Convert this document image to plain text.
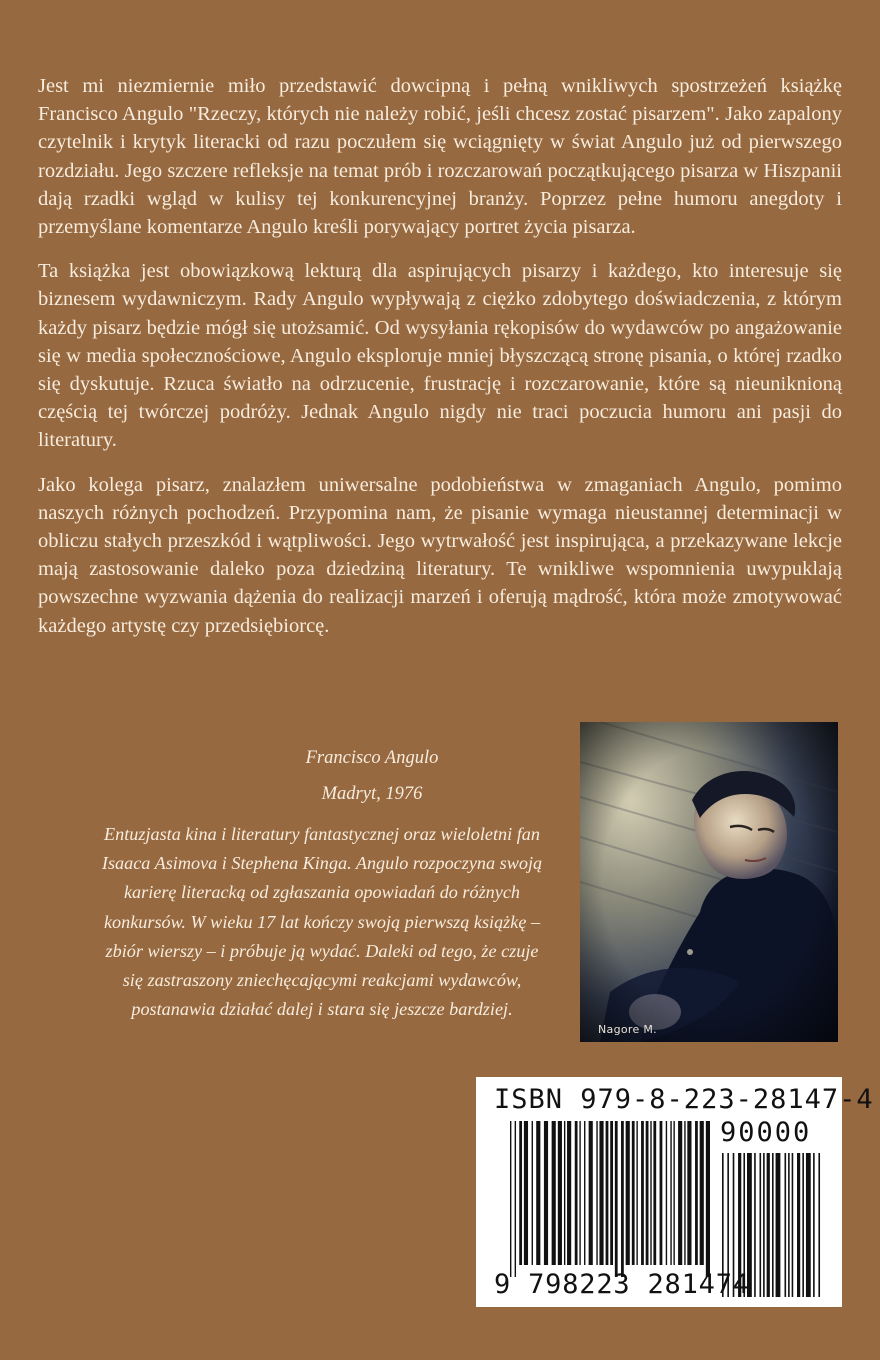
Jest mi niezmiernie miło przedstawić dowcipną i pełną wnikliwych spostrzeżeń książkę Francisco Angulo "Rzeczy, których nie należy robić, jeśli chcesz zostać pisarzem". Jako zapalony czytelnik i krytyk literacki od razu poczułem się wciągnięty w świat Angulo już od pierwszego rozdziału. Jego szczere refleksje na temat prób i rozczarowań początkującego pisarza w Hiszpanii dają rzadki wgląd w kulisy tej konkurencyjnej branży. Poprzez pełne humoru anegdoty i przemyślane komentarze Angulo kreśli porywający portret życia pisarza.

Ta książka jest obowiązkową lekturą dla aspirujących pisarzy i każdego, kto interesuje się biznesem wydawniczym. Rady Angulo wypływają z ciężko zdobytego doświadczenia, z którym każdy pisarz będzie mógł się utożsamić. Od wysyłania rękopisów do wydawców po angażowanie się w media społecznościowe, Angulo eksploruje mniej błyszczącą stronę pisania, o której rzadko się dyskutuje. Rzuca światło na odrzucenie, frustrację i rozczarowanie, które są nieuniknioną częścią tej twórczej podróży. Jednak Angulo nigdy nie traci poczucia humoru ani pasji do literatury.

Jako kolega pisarz, znalazłem uniwersalne podobieństwa w zmaganiach Angulo, pomimo naszych różnych pochodzeń. Przypomina nam, że pisanie wymaga nieustannej determinacji w obliczu stałych przeszkód i wątpliwości. Jego wytrwałość jest inspirująca, a przekazywane lekcje mają zastosowanie daleko poza dziedziną literatury. Te wnikliwe wspomnienia uwypuklają powszechne wyzwania dążenia do realizacji marzeń i oferują mądrość, która może zmotywować każdego artystę czy przedsiębiorcę.

Francisco Angulo

Madryt, 1976

Entuzjasta kina i literatury fantastycznej oraz wieloletni fan Isaaca Asimova i Stephena Kinga. Angulo rozpoczyna swoją karierę literacką od zgłaszania opowiadań do różnych konkursów. W wieku 17 lat kończy swoją pierwszą książkę – zbiór wierszy – i próbuje ją wydać. Daleki od tego, że czuje się zastraszony zniechęcającymi reakcjami wydawców, postanawia działać dalej i stara się jeszcze bardziej.

Nagore M.
ISBN 979-8-223-28147-4
90000
9 798223 281474
